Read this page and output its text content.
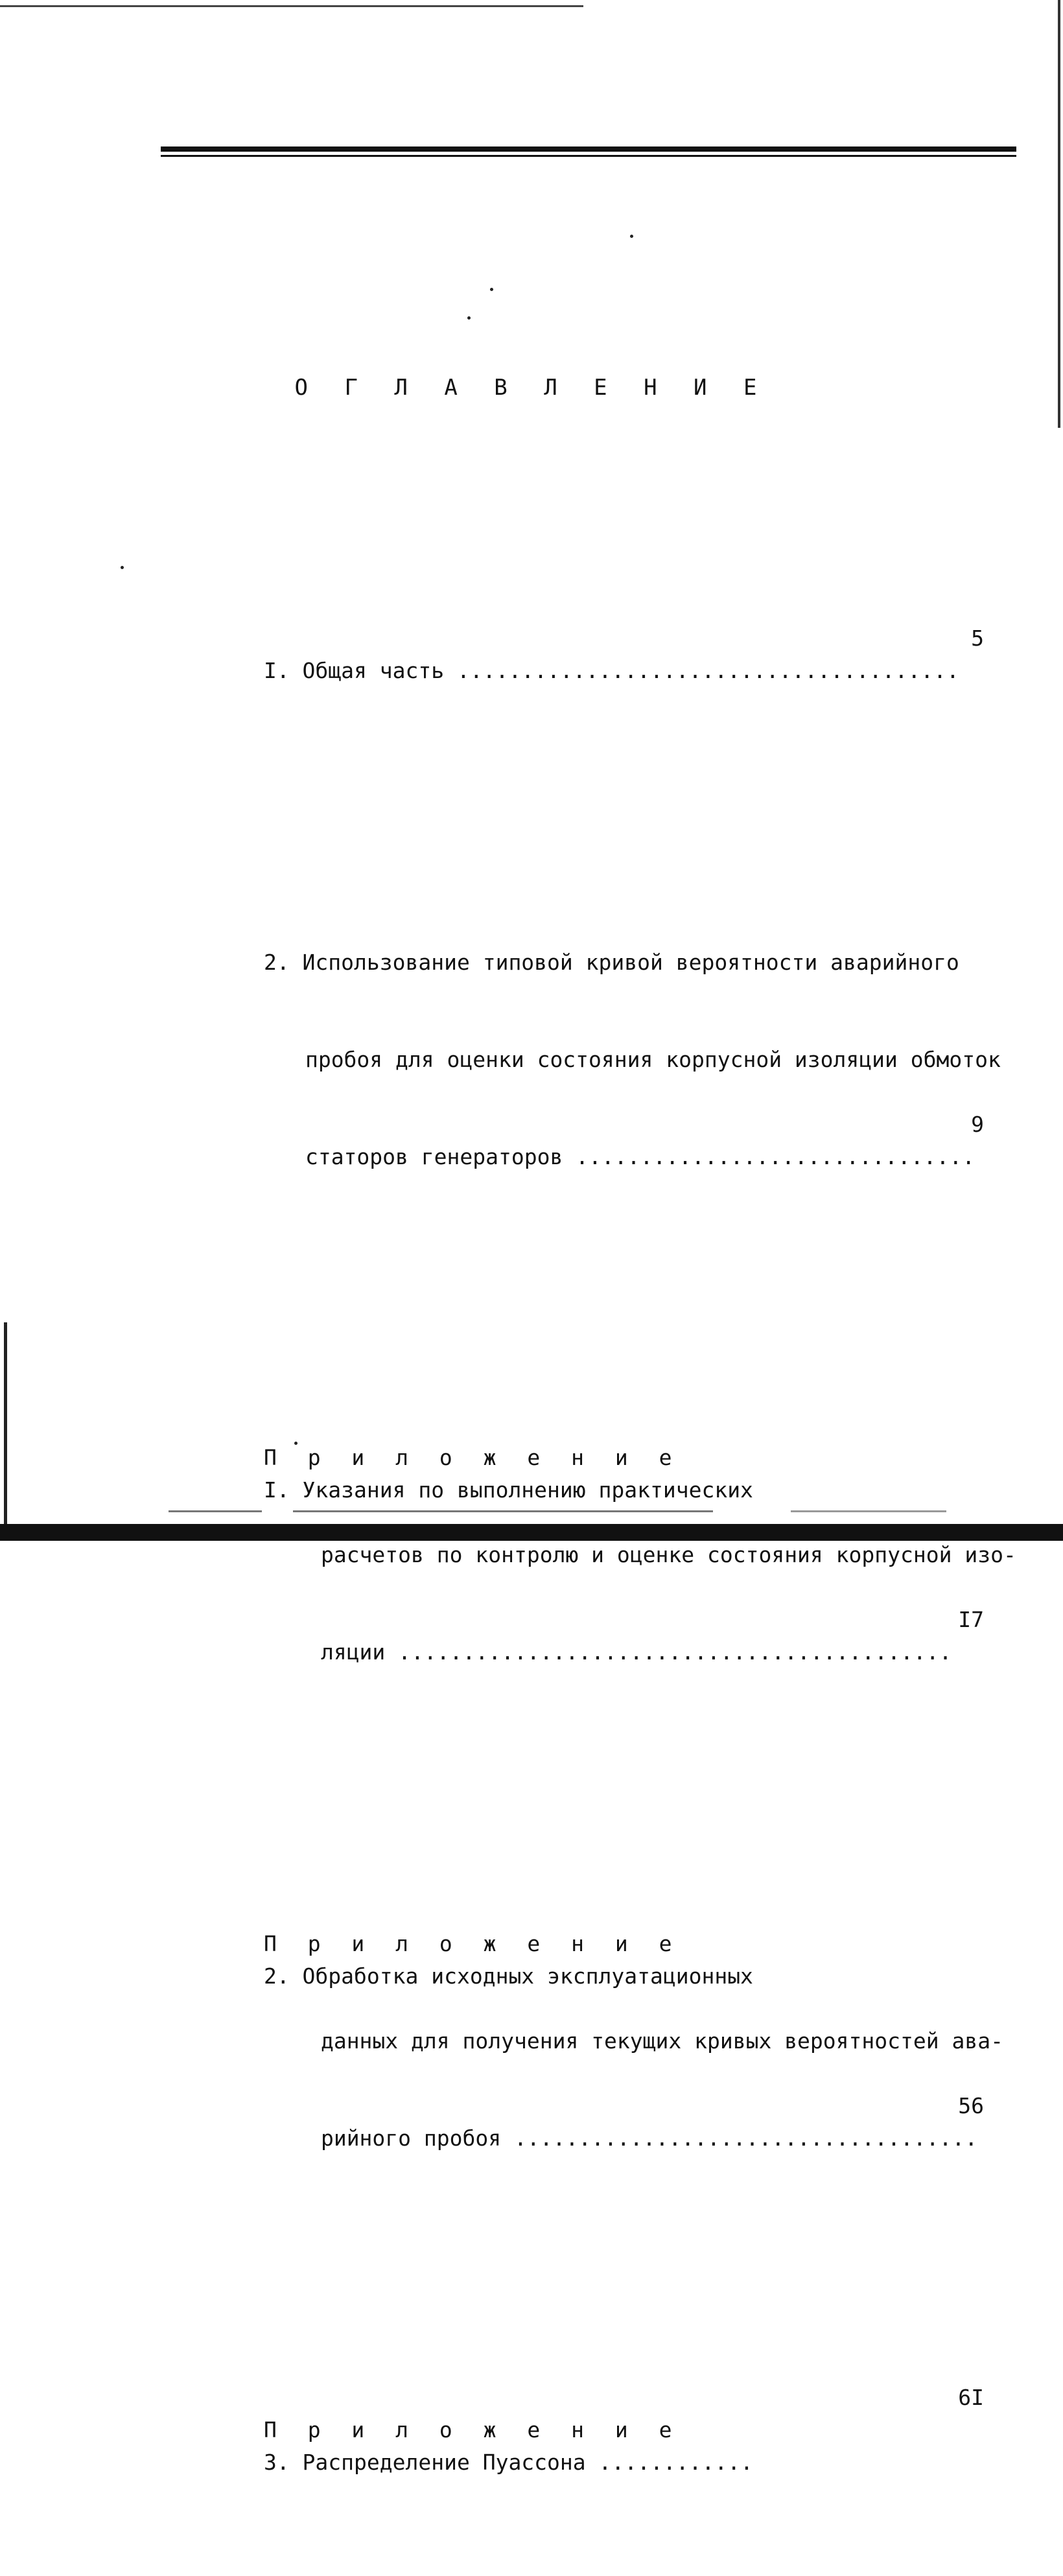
О Г Л А В Л Е Н И Е

I. Общая часть .......................................

5

2. Использование типовой кривой вероятности аварийного

пробоя для оценки состояния корпусной изоляции обмоток

статоров генераторов ...............................

9

П р и л о ж е н и е
I. Указания по выполнению практических

расчетов по контролю и оценке состояния корпусной изо-

ляции ...........................................

I7

П р и л о ж е н и е
2. Обработка исходных эксплуатационных

данных для получения текущих кривых вероятностей ава-

рийного пробоя ....................................

56

П р и л о ж е н и е
3. Распределение Пуассона ............

6I
